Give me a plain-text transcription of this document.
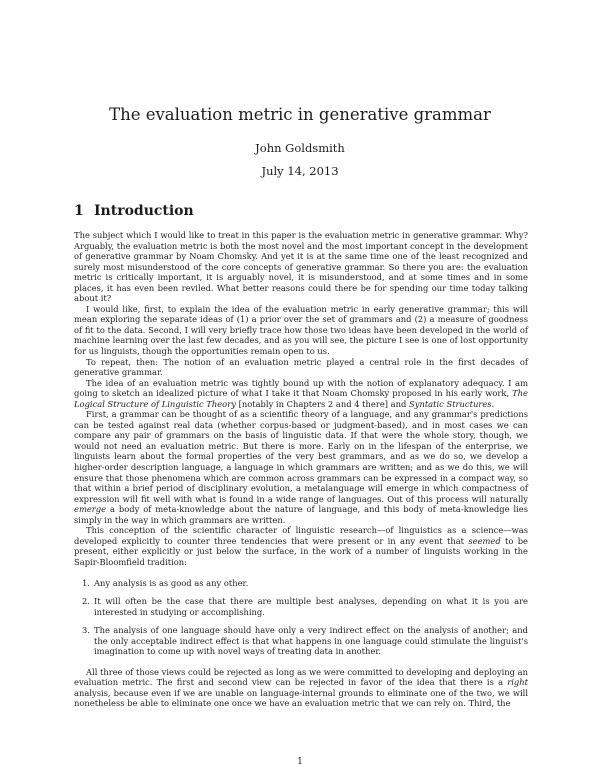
The evaluation metric in generative grammar
John Goldsmith
July 14, 2013
1 Introduction

The subject which I would like to treat in this paper is the evaluation metric in generative grammar. Why? Arguably, the evaluation metric is both the most novel and the most important concept in the development of generative grammar by Noam Chomsky. And yet it is at the same time one of the least recognized and surely most misunderstood of the core concepts of generative grammar. So there you are: the evaluation metric is critically important, it is arguably novel, it is misunderstood, and at some times and in some places, it has even been reviled. What better reasons could there be for spending our time today talking about it?

I would like, first, to explain the idea of the evaluation metric in early generative grammar; this will mean exploring the separate ideas of (1) a prior over the set of grammars and (2) a measure of goodness of fit to the data. Second, I will very briefly trace how those two ideas have been developed in the world of machine learning over the last few decades, and as you will see, the picture I see is one of lost opportunity for us linguists, though the opportunities remain open to us.

To repeat, then: The notion of an evaluation metric played a central role in the first decades of generative grammar.

The idea of an evaluation metric was tightly bound up with the notion of explanatory adequacy. I am going to sketch an idealized picture of what I take it that Noam Chomsky proposed in his early work, The Logical Structure of Linguistic Theory [notably in Chapters 2 and 4 there] and Syntatic Structures.

First, a grammar can be thought of as a scientific theory of a language, and any grammar's predictions can be tested against real data (whether corpus-based or judgment-based), and in most cases we can compare any pair of grammars on the basis of linguistic data. If that were the whole story, though, we would not need an evaluation metric. But there is more. Early on in the lifespan of the enterprise, we linguists learn about the formal properties of the very best grammars, and as we do so, we develop a higher-order description language, a language in which grammars are written; and as we do this, we will ensure that those phenomena which are common across grammars can be expressed in a compact way, so that within a brief period of disciplinary evolution, a metalanguage will emerge in which compactness of expression will fit well with what is found in a wide range of languages. Out of this process will naturally emerge a body of meta-knowledge about the nature of language, and this body of meta-knowledge lies simply in the way in which grammars are written.

This conception of the scientific character of linguistic research—of linguistics as a science—was developed explicitly to counter three tendencies that were present or in any event that seemed to be present, either explicitly or just below the surface, in the work of a number of linguists working in the Sapir-Bloomfield tradition:

1. Any analysis is as good as any other.
2. It will often be the case that there are multiple best analyses, depending on what it is you are interested in studying or accomplishing.
3. The analysis of one language should have only a very indirect effect on the analysis of another; and the only acceptable indirect effect is that what happens in one language could stimulate the linguist's imagination to come up with novel ways of treating data in another.

All three of those views could be rejected as long as we were committed to developing and deploying an evaluation metric. The first and second view can be rejected in favor of the idea that there is a right analysis, because even if we are unable on language-internal grounds to eliminate one of the two, we will nonetheless be able to eliminate one once we have an evaluation metric that we can rely on. Third, the

1
